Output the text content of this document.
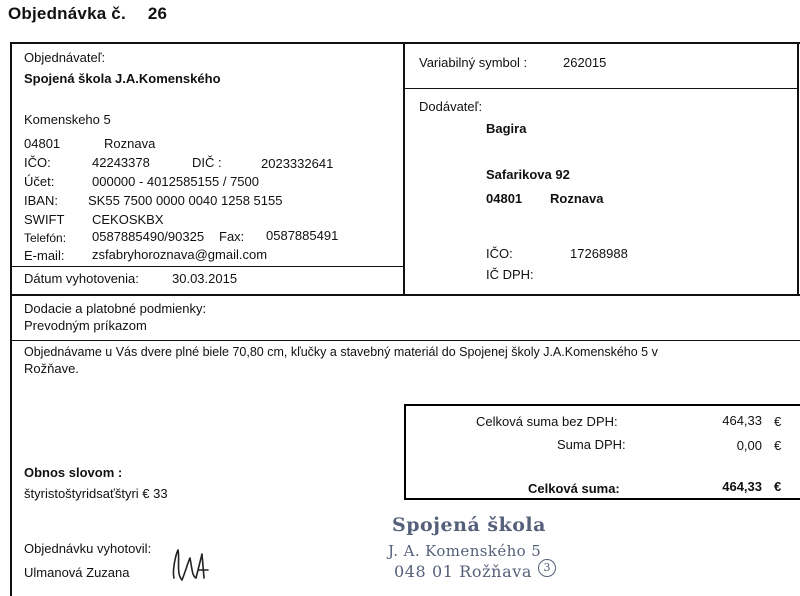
Objednávka č. 26
Objednávateľ:
Spojená škola J.A.Komenského
Komenskeho 5
04801	Roznava
IČO:	42243378	DIČ :	2023332641
Účet:	000000 - 4012585155 / 7500
IBAN: SK55 7500 0000 0040 1258 5155
SWIFT CEKOSKBX
Telefón: 0587885490/90325 Fax: 0587885491
E-mail: zsfabryhoroznava@gmail.com
Dátum vyhotovenia:	30.03.2015
Variabilný symbol :	262015
Dodávateľ:
Bagira
Safarikova 92
04801 Roznava
IČO:	17268988
IČ DPH:
Dodacie a platobné podmienky:
Prevodným príkazom
Objednávame u Vás dvere plné biele 70,80 cm, kľučky a stavebný materiál do Spojenej školy J.A.Komenského 5 v
Rožňave.
Celková suma bez DPH:	464,33 €
Suma DPH:	0,00 €
Celková suma:	464,33 €
Obnos slovom :
štyristoštyridsaťštyri € 33
Objednávku vyhotovil:
Ulmanová Zuzana
Spojená škola
J. A. Komenského 5
048 01 Rožňava	3
